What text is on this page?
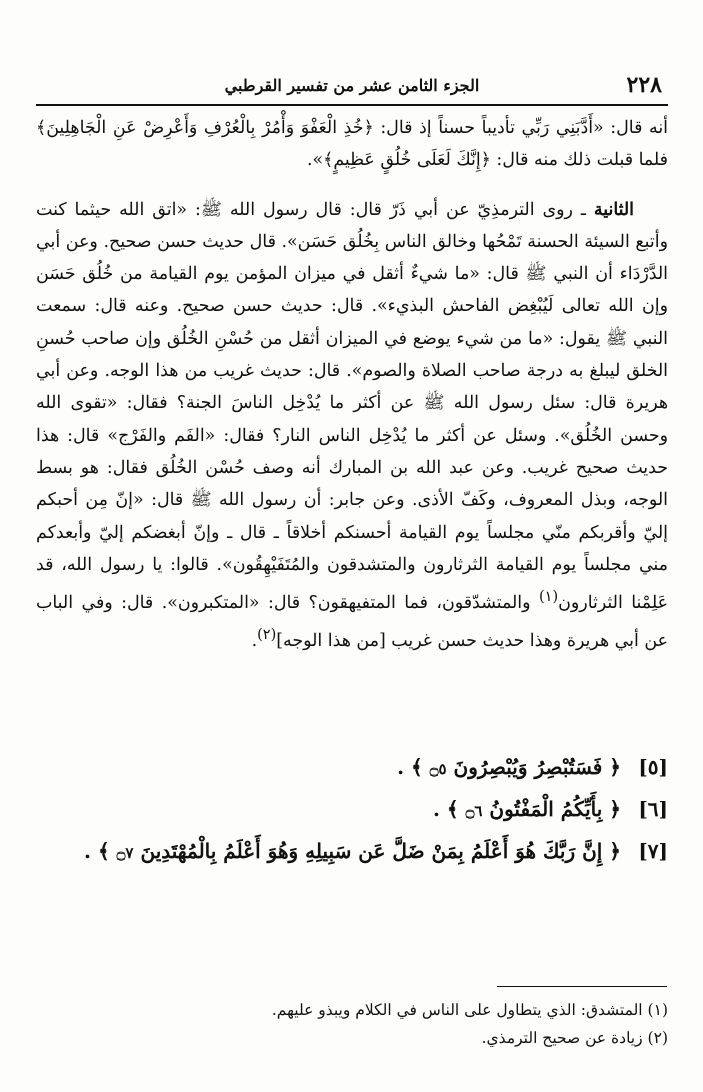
٢٢٨
الجزء الثامن عشر من تفسير القرطبي

أنه قال: «أَدَّبَنِي رَبِّي تأديباً حسناً إذ قال: ﴿خُذِ الْعَفْوَ وَأْمُرْ بِالْعُرْفِ وَأَعْرِضْ عَنِ الْجَاهِلِينَ﴾ فلما قبلت ذلك منه قال: ﴿إِنَّكَ لَعَلَى خُلُقٍ عَظِيمٍ﴾».

الثانية ـ روى الترمذِيّ عن أبي ذَرّ قال: قال رسول الله ﷺ: «اتق الله حيثما كنت وأتبع السيئة الحسنة تَمْحُها وخالق الناس بِخُلُق حَسَن». قال حديث حسن صحيح. وعن أبي الدَّرْدَاء أن النبي ﷺ قال: «ما شيءٌ أثقل في ميزان المؤمن يوم القيامة من خُلُق حَسَن وإن الله تعالى لَيُبْغِض الفاحش البذيء». قال: حديث حسن صحيح. وعنه قال: سمعت النبي ﷺ يقول: «ما من شيء يوضع في الميزان أثقل من حُسْنِ الخُلُق وإن صاحب حُسنِ الخلق ليبلغ به درجة صاحب الصلاة والصوم». قال: حديث غريب من هذا الوجه. وعن أبي هريرة قال: سئل رسول الله ﷺ عن أكثر ما يُدْخِل الناسَ الجنة؟ فقال: «تقوى الله وحسن الخُلُق». وسئل عن أكثر ما يُدْخِل الناس النار؟ فقال: «الفَم والفَرْج» قال: هذا حديث صحيح غريب. وعن عبد الله بن المبارك أنه وصف حُسْن الخُلُق فقال: هو بسط الوجه، وبذل المعروف، وكَفّ الأذى. وعن جابر: أن رسول الله ﷺ قال: «إنّ مِن أحبكم إليّ وأقربكم منّي مجلساً يوم القيامة أحسنكم أخلاقاً ـ قال ـ وإنّ أبغضكم إليّ وأبعدكم مني مجلساً يوم القيامة الثرثارون والمتشدقون والمُتَفَيْهِقُون». قالوا: يا رسول الله، قد عَلِمْنا الثرثارون$^{(١)}$ والمتشدّقون، فما المتفيهقون؟ قال: «المتكبرون». قال: وفي الباب عن أبي هريرة وهذا حديث حسن غريب [من هذا الوجه]$^{(٢)}$.

[٥] ﴿ فَسَتُبْصِرُ وَيُبْصِرُونَ ۝٥ ﴾ .
[٦] ﴿ بِأَيِّكُمُ الْمَفْتُونُ ۝٦ ﴾ .
[٧] ﴿ إِنَّ رَبَّكَ هُوَ أَعْلَمُ بِمَنْ ضَلَّ عَن سَبِيلِهِ وَهُوَ أَعْلَمُ بِالْمُهْتَدِينَ ۝٧ ﴾ .
(١) المتشدق: الذي يتطاول على الناس في الكلام ويبذو عليهم.
(٢) زيادة عن صحيح الترمذي.
